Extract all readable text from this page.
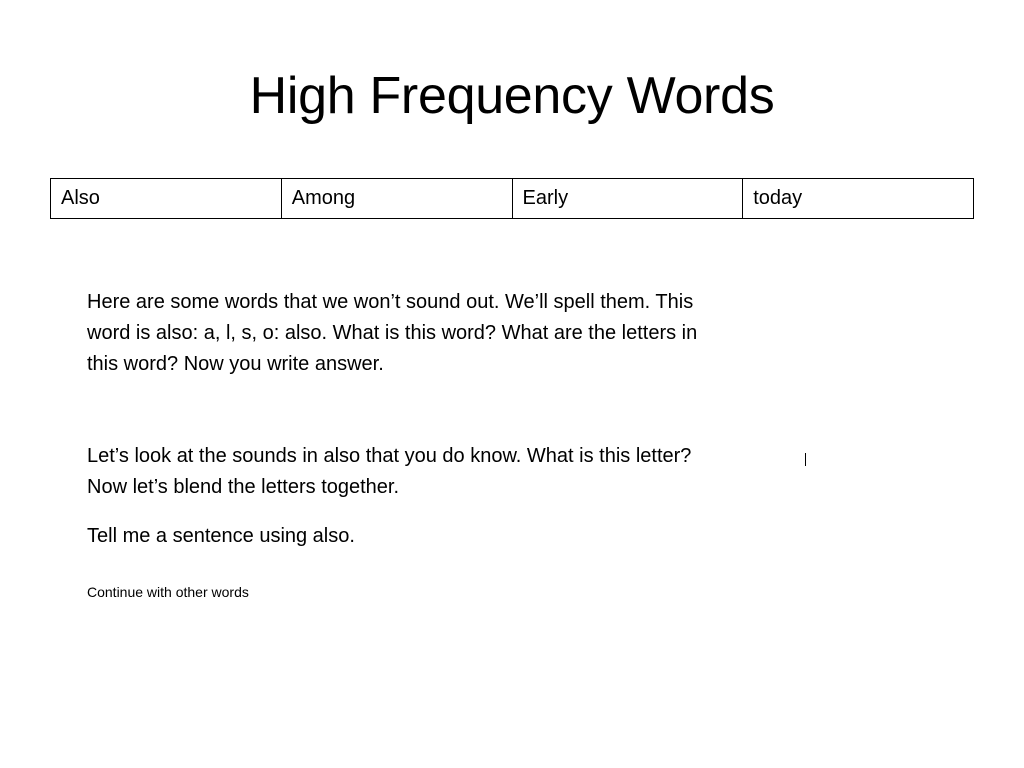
High Frequency Words
Also	Among	Early	today

Here are some words that we won’t sound out. We’ll spell them. This
word is also: a, l, s, o: also. What is this word? What are the letters in
this word? Now you write answer.

Let’s look at the sounds in also that you do know. What is this letter?
Now let’s blend the letters together.

Tell me a sentence using also.

Continue with other words
